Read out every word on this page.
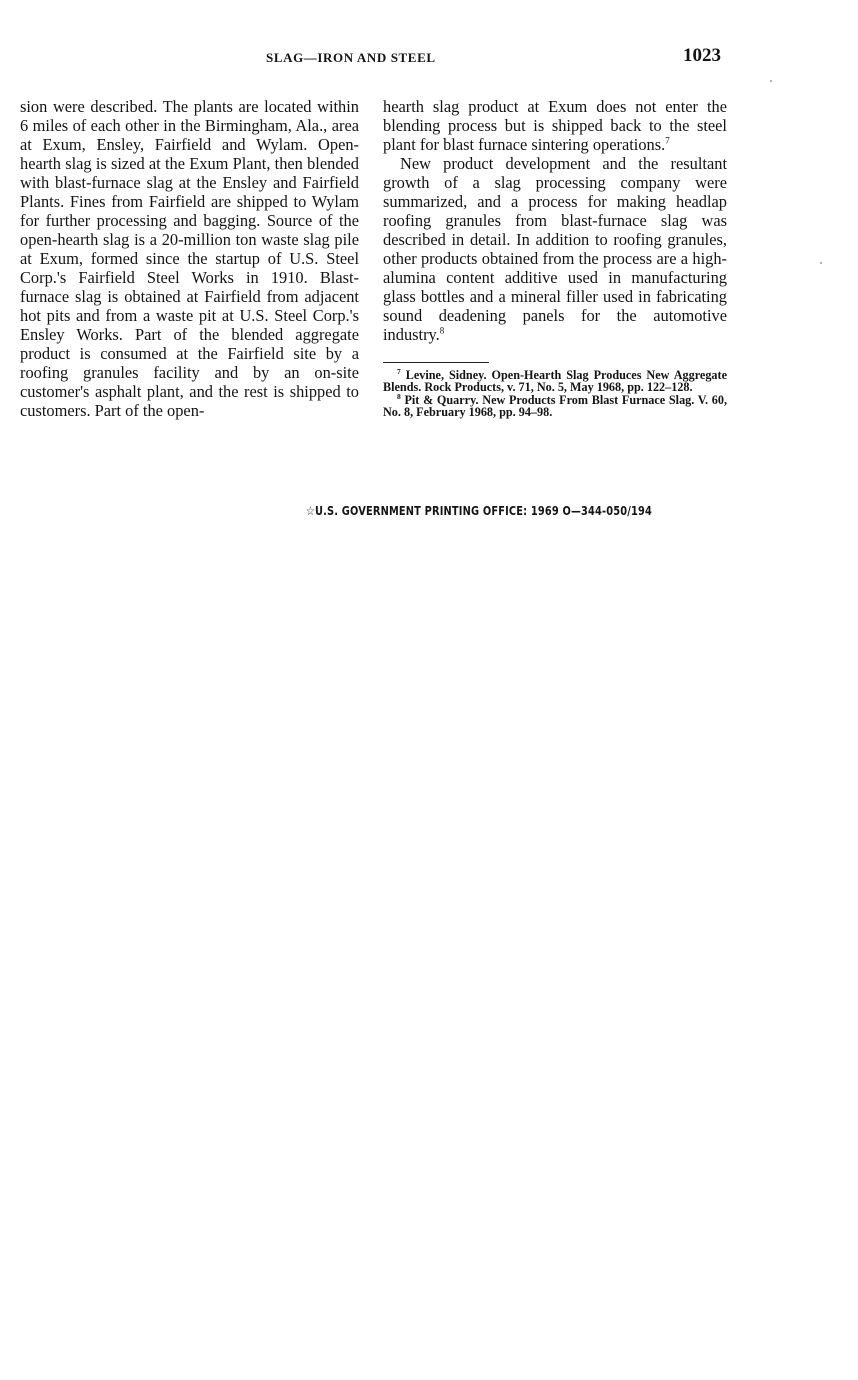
SLAG—IRON AND STEEL	1023

sion were described. The plants are located within 6 miles of each other in the Birmingham, Ala., area at Exum, Ensley, Fairfield and Wylam. Open-hearth slag is sized at the Exum Plant, then blended with blast-furnace slag at the Ensley and Fairfield Plants. Fines from Fairfield are shipped to Wylam for further processing and bagging. Source of the open-hearth slag is a 20-million ton waste slag pile at Exum, formed since the startup of U.S. Steel Corp.'s Fairfield Steel Works in 1910. Blast-furnace slag is obtained at Fairfield from adjacent hot pits and from a waste pit at U.S. Steel Corp.'s Ensley Works. Part of the blended aggregate product is consumed at the Fairfield site by a roofing granules facility and by an on-site customer's asphalt plant, and the rest is shipped to customers. Part of the open-

hearth slag product at Exum does not enter the blending process but is shipped back to the steel plant for blast furnace sintering operations.$^7$

New product development and the resultant growth of a slag processing company were summarized, and a process for making headlap roofing granules from blast-furnace slag was described in detail. In addition to roofing granules, other products obtained from the process are a high-alumina content additive used in manufacturing glass bottles and a mineral filler used in fabricating sound deadening panels for the automotive industry.$^8$

$^7$ Levine, Sidney. Open-Hearth Slag Produces New Aggregate Blends. Rock Products, v. 71, No. 5, May 1968, pp. 122–128.

$^8$ Pit & Quarry. New Products From Blast Furnace Slag. V. 60, No. 8, February 1968, pp. 94–98.

☆U.S. GOVERNMENT PRINTING OFFICE: 1969 O—344-050/194
